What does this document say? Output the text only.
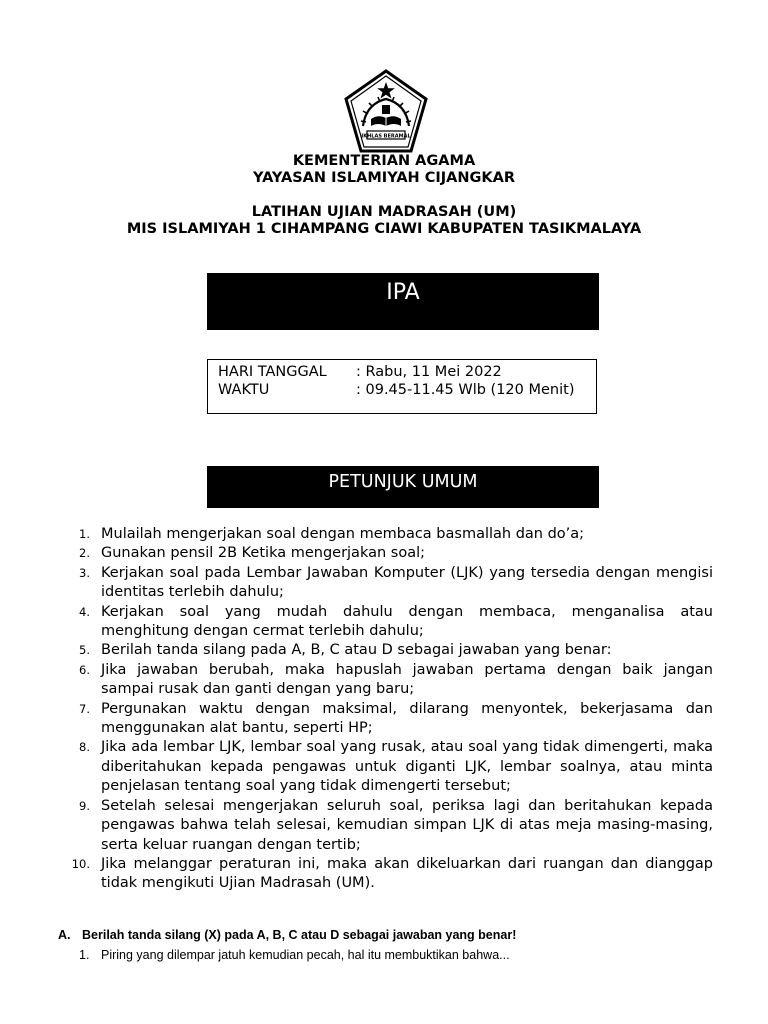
IKHLAS BERAMAL
KEMENTERIAN AGAMA
YAYASAN ISLAMIYAH CIJANGKAR
LATIHAN UJIAN MADRASAH (UM)
MIS ISLAMIYAH 1 CIHAMPANG CIAWI KABUPATEN TASIKMALAYA
IPA
HARI TANGGAL	: Rabu, 11 Mei 2022
WAKTU	: 09.45-11.45 Wlb (120 Menit)
PETUNJUK UMUM
1. Mulailah mengerjakan soal dengan membaca basmallah dan do’a;
2. Gunakan pensil 2B Ketika mengerjakan soal;
3. Kerjakan soal pada Lembar Jawaban Komputer (LJK) yang tersedia dengan mengisi identitas terlebih dahulu;
4. Kerjakan soal yang mudah dahulu dengan membaca, menganalisa atau menghitung dengan cermat terlebih dahulu;
5. Berilah tanda silang pada A, B, C atau D sebagai jawaban yang benar:
6. Jika jawaban berubah, maka hapuslah jawaban pertama dengan baik jangan sampai rusak dan ganti dengan yang baru;
7. Pergunakan waktu dengan maksimal, dilarang menyontek, bekerjasama dan menggunakan alat bantu, seperti HP;
8. Jika ada lembar LJK, lembar soal yang rusak, atau soal yang tidak dimengerti, maka diberitahukan kepada pengawas untuk diganti LJK, lembar soalnya, atau minta penjelasan tentang soal yang tidak dimengerti tersebut;
9. Setelah selesai mengerjakan seluruh soal, periksa lagi dan beritahukan kepada pengawas bahwa telah selesai, kemudian simpan LJK di atas meja masing-masing, serta keluar ruangan dengan tertib;
10. Jika melanggar peraturan ini, maka akan dikeluarkan dari ruangan dan dianggap tidak mengikuti Ujian Madrasah (UM).
A. Berilah tanda silang (X) pada A, B, C atau D sebagai jawaban yang benar!
1. Piring yang dilempar jatuh kemudian pecah, hal itu membuktikan bahwa...
